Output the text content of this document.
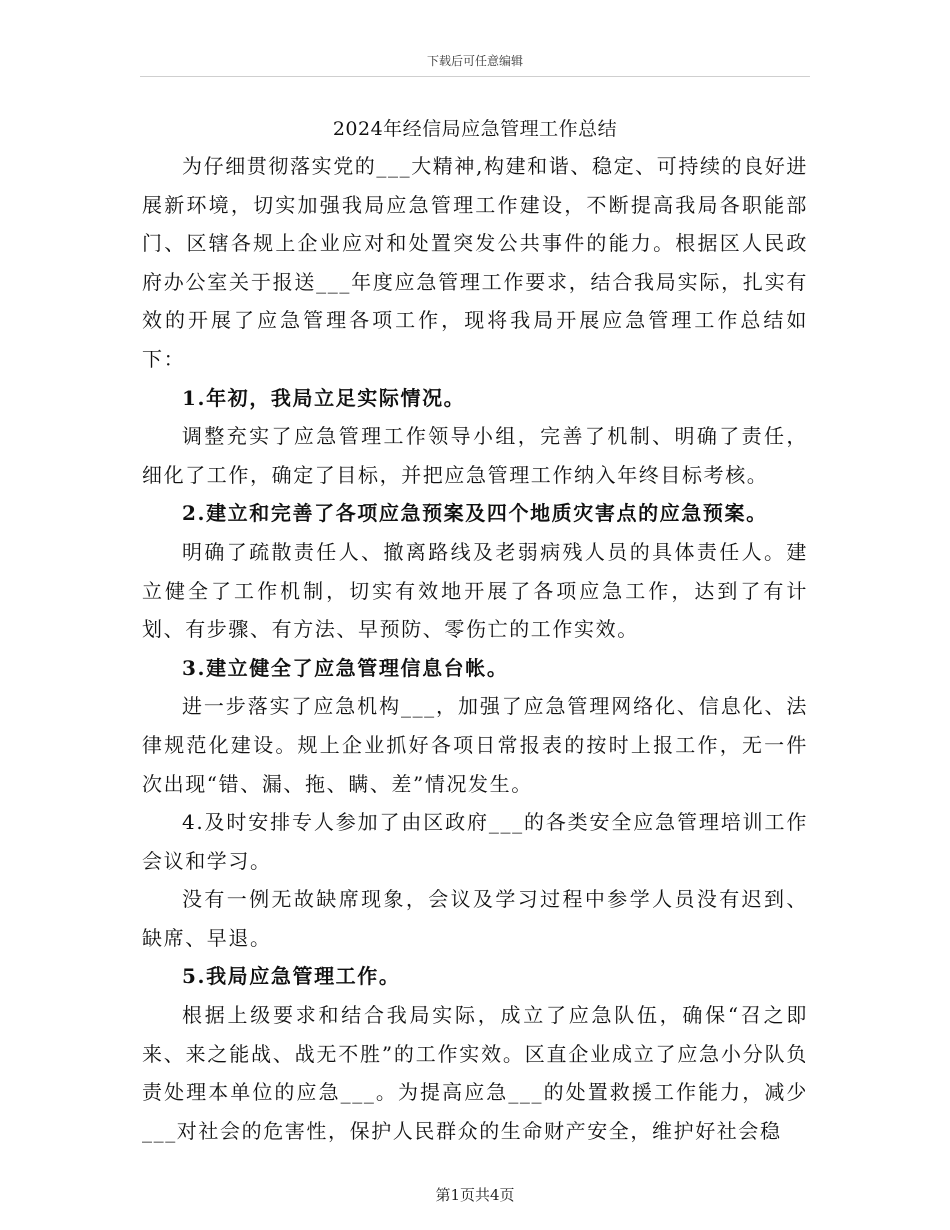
下载后可任意编辑
2024年经信局应急管理工作总结

为仔细贯彻落实党的___大精神,构建和谐、稳定、可持续的良好进展新环境，切实加强我局应急管理工作建设，不断提高我局各职能部门、区辖各规上企业应对和处置突发公共事件的能力。根据区人民政府办公室关于报送___年度应急管理工作要求，结合我局实际，扎实有效的开展了应急管理各项工作，现将我局开展应急管理工作总结如下：

1.年初，我局立足实际情况。

调整充实了应急管理工作领导小组，完善了机制、明确了责任，细化了工作，确定了目标，并把应急管理工作纳入年终目标考核。

2.建立和完善了各项应急预案及四个地质灾害点的应急预案。

明确了疏散责任人、撤离路线及老弱病残人员的具体责任人。建立健全了工作机制，切实有效地开展了各项应急工作，达到了有计划、有步骤、有方法、早预防、零伤亡的工作实效。

3.建立健全了应急管理信息台帐。

进一步落实了应急机构___，加强了应急管理网络化、信息化、法律规范化建设。规上企业抓好各项日常报表的按时上报工作，无一件次出现“错、漏、拖、瞒、差”情况发生。

4.及时安排专人参加了由区政府___的各类安全应急管理培训工作会议和学习。

没有一例无故缺席现象，会议及学习过程中参学人员没有迟到、缺席、早退。

5.我局应急管理工作。

根据上级要求和结合我局实际，成立了应急队伍，确保“召之即来、来之能战、战无不胜”的工作实效。区直企业成立了应急小分队负责处理本单位的应急___。为提高应急___的处置救援工作能力，减少___对社会的危害性，保护人民群众的生命财产安全，维护好社会稳

第1页共4页
